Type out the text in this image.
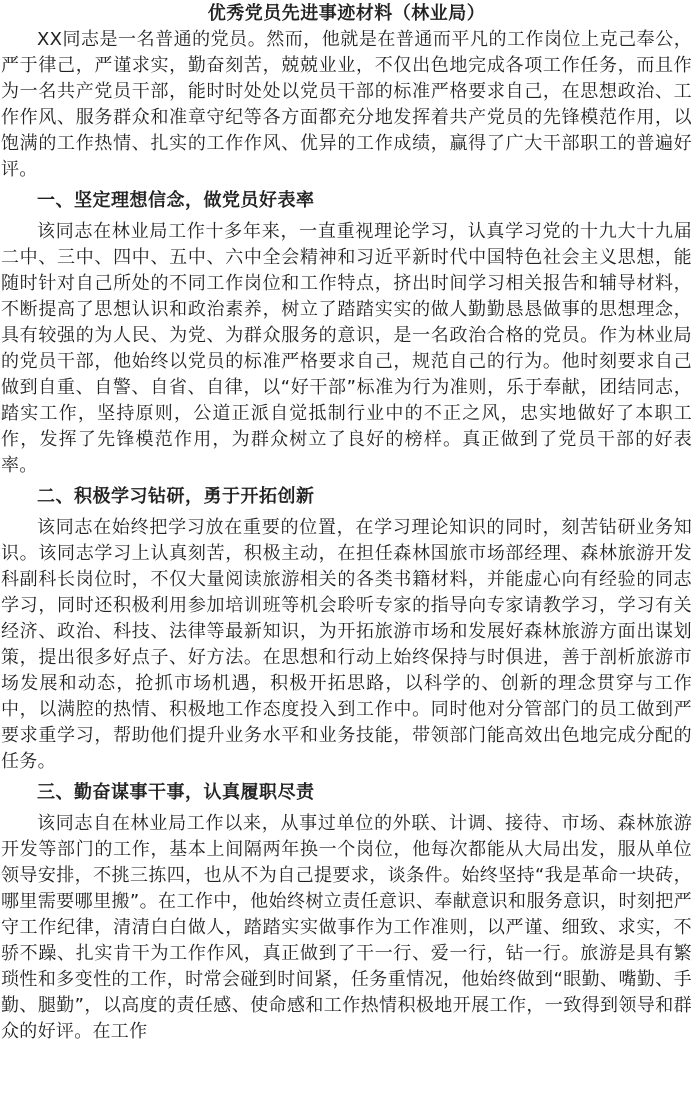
优秀党员先进事迹材料（林业局）

XX同志是一名普通的党员。然而，他就是在普通而平凡的工作岗位上克己奉公，严于律己，严谨求实，勤奋刻苦，兢兢业业，不仅出色地完成各项工作任务，而且作为一名共产党员干部，能时时处处以党员干部的标准严格要求自己，在思想政治、工作作风、服务群众和准章守纪等各方面都充分地发挥着共产党员的先锋模范作用，以饱满的工作热情、扎实的工作作风、优异的工作成绩，赢得了广大干部职工的普遍好评。

一、坚定理想信念，做党员好表率

该同志在林业局工作十多年来，一直重视理论学习，认真学习党的十九大十九届二中、三中、四中、五中、六中全会精神和习近平新时代中国特色社会主义思想，能随时针对自己所处的不同工作岗位和工作特点，挤出时间学习相关报告和辅导材料，不断提高了思想认识和政治素养，树立了踏踏实实的做人勤勤恳恳做事的思想理念，具有较强的为人民、为党、为群众服务的意识，是一名政治合格的党员。作为林业局的党员干部，他始终以党员的标准严格要求自己，规范自己的行为。他时刻要求自己做到自重、自警、自省、自律，以“好干部”标准为行为准则，乐于奉献，团结同志，踏实工作，坚持原则，公道正派自觉抵制行业中的不正之风，忠实地做好了本职工作，发挥了先锋模范作用，为群众树立了良好的榜样。真正做到了党员干部的好表率。

二、积极学习钻研，勇于开拓创新

该同志在始终把学习放在重要的位置，在学习理论知识的同时，刻苦钻研业务知识。该同志学习上认真刻苦，积极主动，在担任森林国旅市场部经理、森林旅游开发科副科长岗位时，不仅大量阅读旅游相关的各类书籍材料，并能虚心向有经验的同志学习，同时还积极利用参加培训班等机会聆听专家的指导向专家请教学习，学习有关经济、政治、科技、法律等最新知识，为开拓旅游市场和发展好森林旅游方面出谋划策，提出很多好点子、好方法。在思想和行动上始终保持与时俱进，善于剖析旅游市场发展和动态，抢抓市场机遇，积极开拓思路，以科学的、创新的理念贯穿与工作中，以满腔的热情、积极地工作态度投入到工作中。同时他对分管部门的员工做到严要求重学习，帮助他们提升业务水平和业务技能，带领部门能高效出色地完成分配的任务。

三、勤奋谋事干事，认真履职尽责

该同志自在林业局工作以来，从事过单位的外联、计调、接待、市场、森林旅游开发等部门的工作，基本上间隔两年换一个岗位，他每次都能从大局出发，服从单位领导安排，不挑三拣四，也从不为自己提要求，谈条件。始终坚持“我是革命一块砖，哪里需要哪里搬”。在工作中，他始终树立责任意识、奉献意识和服务意识，时刻把严守工作纪律，清清白白做人，踏踏实实做事作为工作准则，以严谨、细致、求实，不骄不躁、扎实肯干为工作作风，真正做到了干一行、爱一行，钻一行。旅游是具有繁琐性和多变性的工作，时常会碰到时间紧，任务重情况，他始终做到“眼勤、嘴勤、手勤、腿勤”，以高度的责任感、使命感和工作热情积极地开展工作，一致得到领导和群众的好评。在工作
